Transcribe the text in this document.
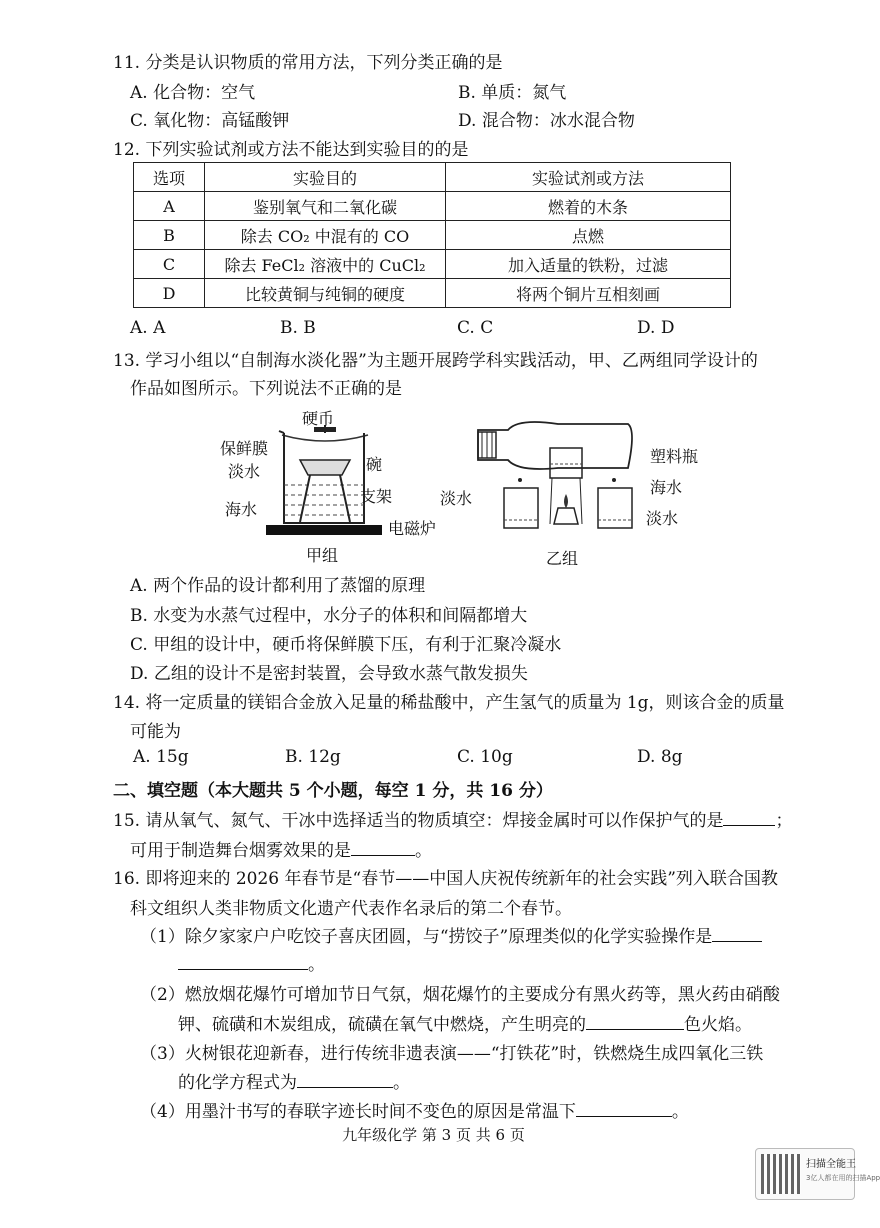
11. 分类是认识物质的常用方法，下列分类正确的是
A. 化合物：空气	B. 单质：氮气
C. 氧化物：高锰酸钾	D. 混合物：冰水混合物
12. 下列实验试剂或方法不能达到实验目的的是
选项	实验目的	实验试剂或方法
A	鉴别氧气和二氧化碳	燃着的木条
B	除去 CO₂ 中混有的 CO	点燃
C	除去 FeCl₂ 溶液中的 CuCl₂	加入适量的铁粉，过滤
D	比较黄铜与纯铜的硬度	将两个铜片互相刻画
A. A	B. B	C. C	D. D
13. 学习小组以“自制海水淡化器”为主题开展跨学科实践活动，甲、乙两组同学设计的
作品如图所示。下列说法不正确的是
硬币
保鲜膜
淡水	碗
支架
海水
电磁炉
甲组
塑料瓶
海水
淡水
淡水
乙组
A. 两个作品的设计都利用了蒸馏的原理
B. 水变为水蒸气过程中，水分子的体积和间隔都增大
C. 甲组的设计中，硬币将保鲜膜下压，有利于汇聚冷凝水
D. 乙组的设计不是密封装置，会导致水蒸气散发损失
14. 将一定质量的镁铝合金放入足量的稀盐酸中，产生氢气的质量为 1g，则该合金的质量
可能为
A. 15g	B. 12g	C. 10g	D. 8g
二、填空题（本大题共 5 个小题，每空 1 分，共 16 分）
15. 请从氧气、氮气、干冰中选择适当的物质填空：焊接金属时可以作保护气的是	；
可用于制造舞台烟雾效果的是	。
16. 即将迎来的 2026 年春节是“春节——中国人庆祝传统新年的社会实践”列入联合国教
科文组织人类非物质文化遗产代表作名录后的第二个春节。
（1）除夕家家户户吃饺子喜庆团圆，与“捞饺子”原理类似的化学实验操作是
。
（2）燃放烟花爆竹可增加节日气氛，烟花爆竹的主要成分有黑火药等，黑火药由硝酸
钾、硫磺和木炭组成，硫磺在氧气中燃烧，产生明亮的	色火焰。
（3）火树银花迎新春，进行传统非遗表演——“打铁花”时，铁燃烧生成四氧化三铁
的化学方程式为	。
（4）用墨汁书写的春联字迹长时间不变色的原因是常温下	。
九年级化学 第 3 页 共 6 页
扫描全能王
3亿人都在用的扫描App
